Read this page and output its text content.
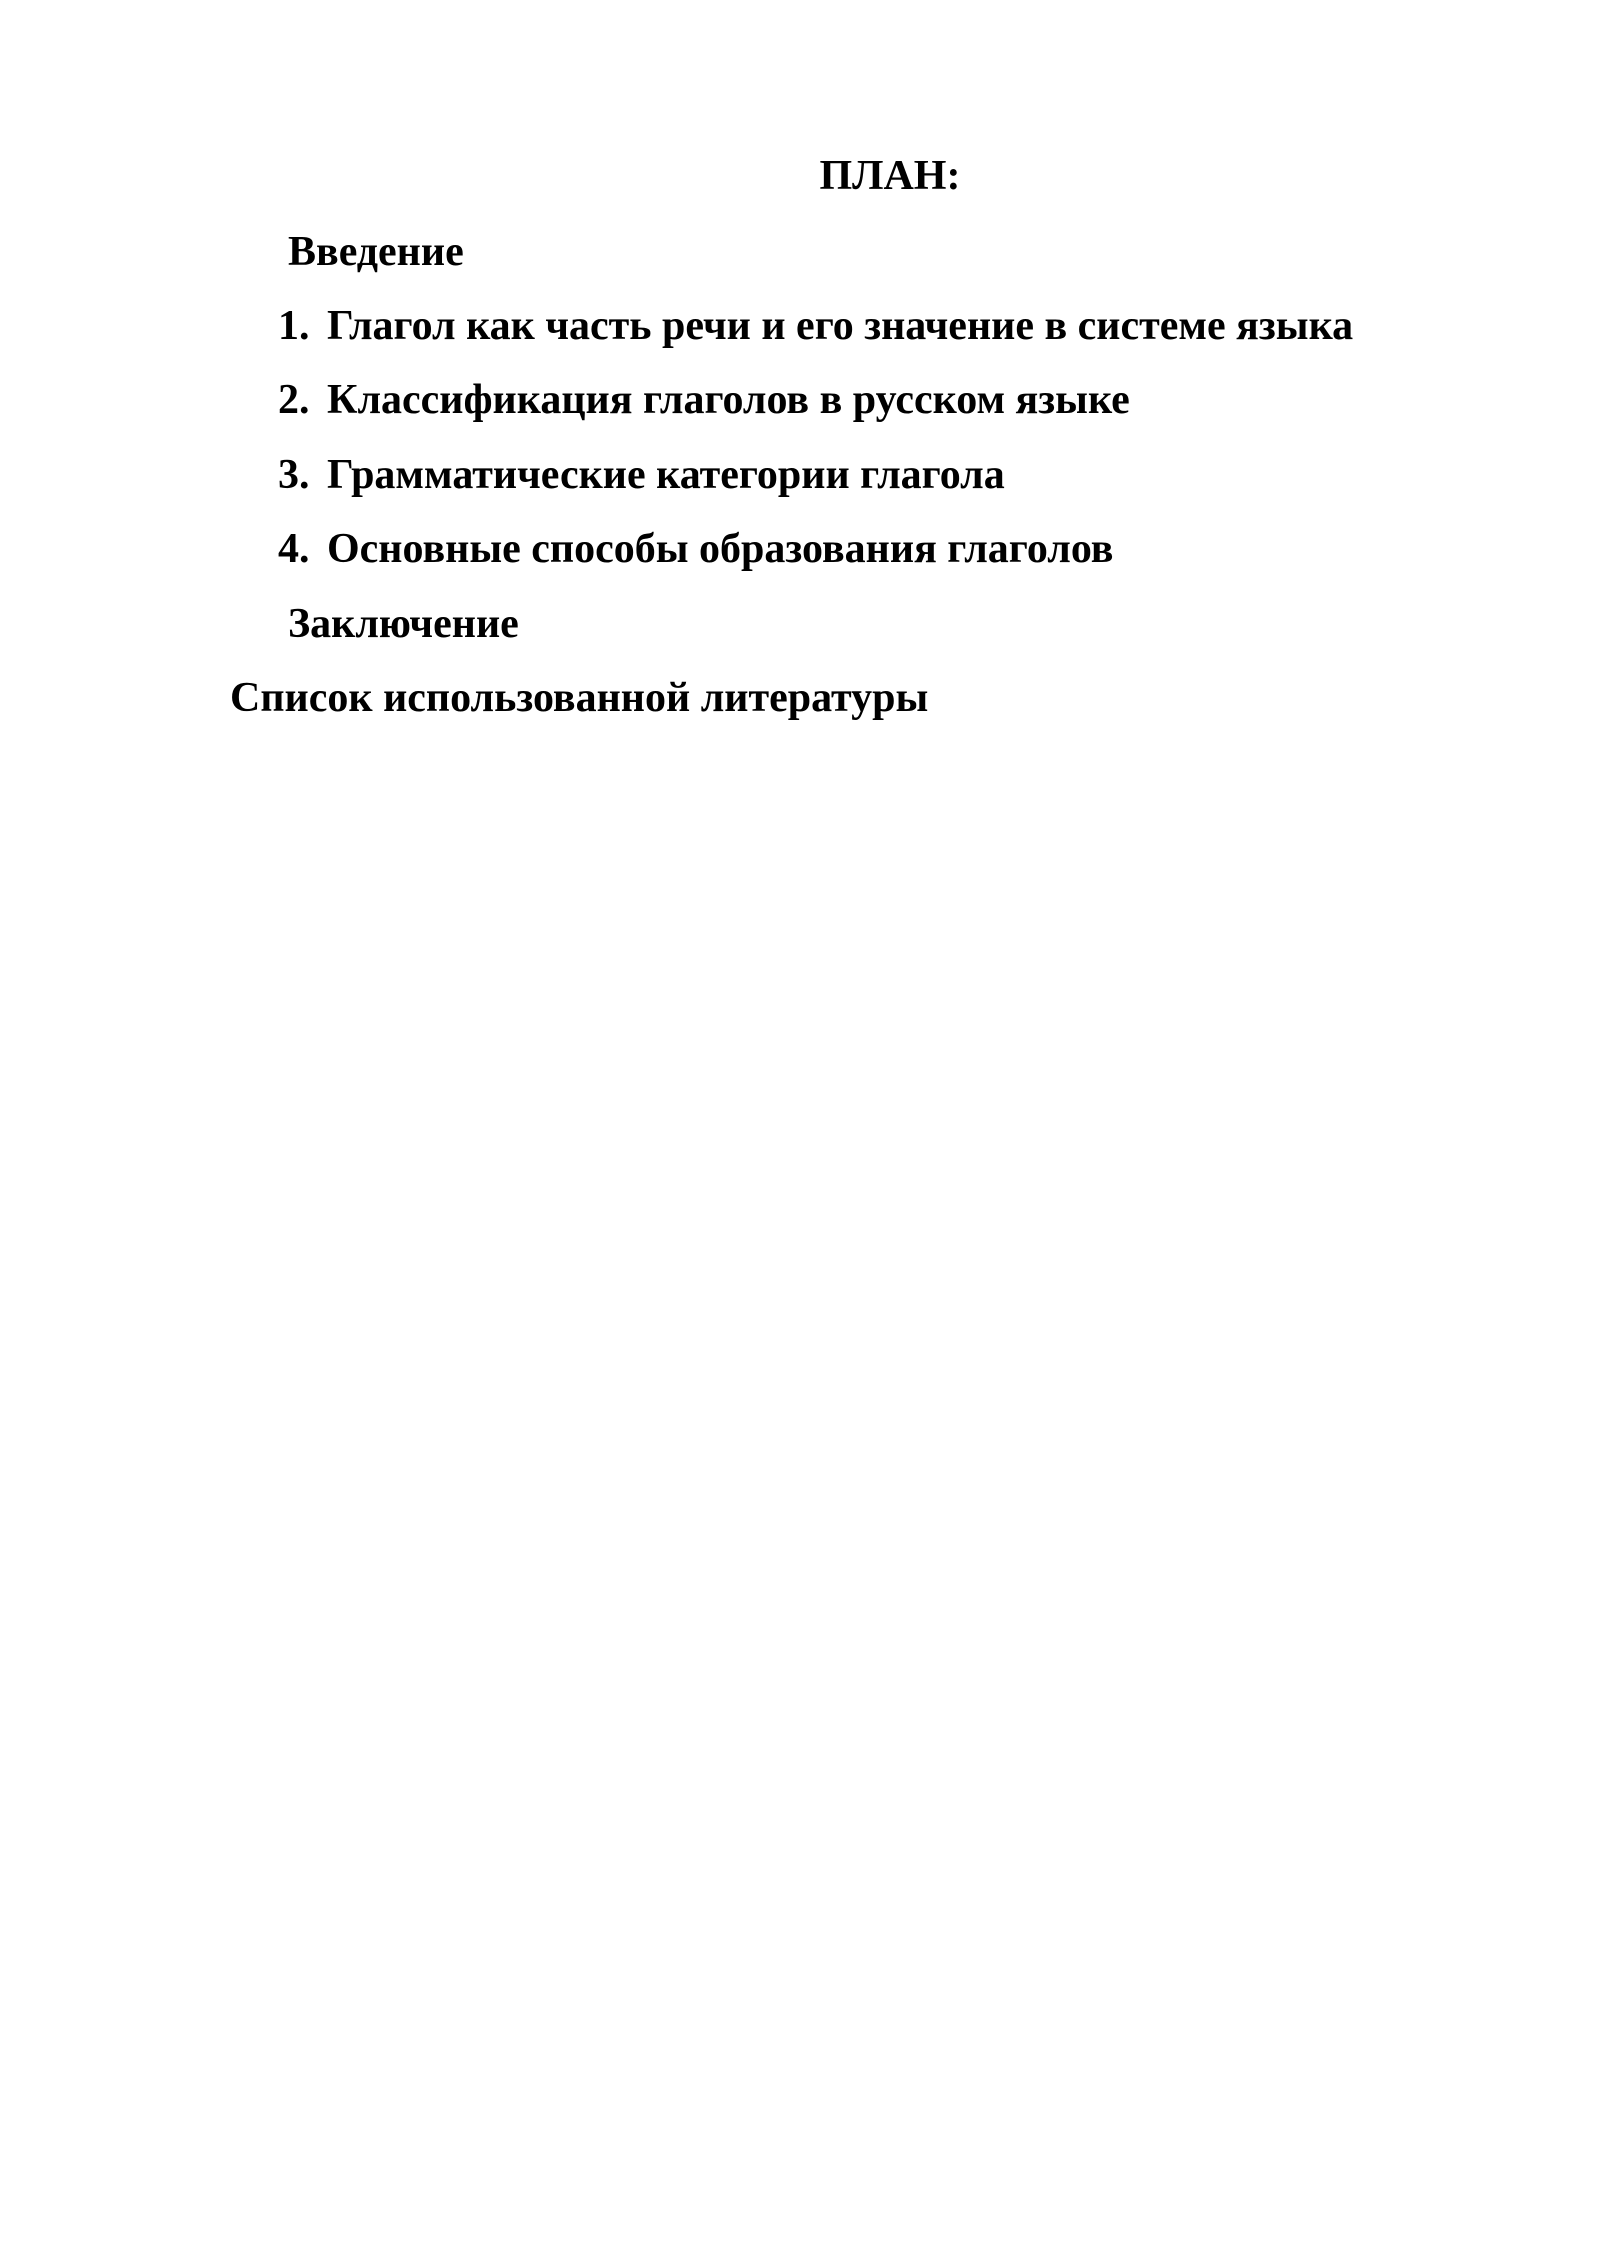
ПЛАН:
Введение
1. Глагол как часть речи и его значение в системе языка
2. Классификация глаголов в русском языке
3. Грамматические категории глагола
4. Основные способы образования глаголов
Заключение
Список использованной литературы
